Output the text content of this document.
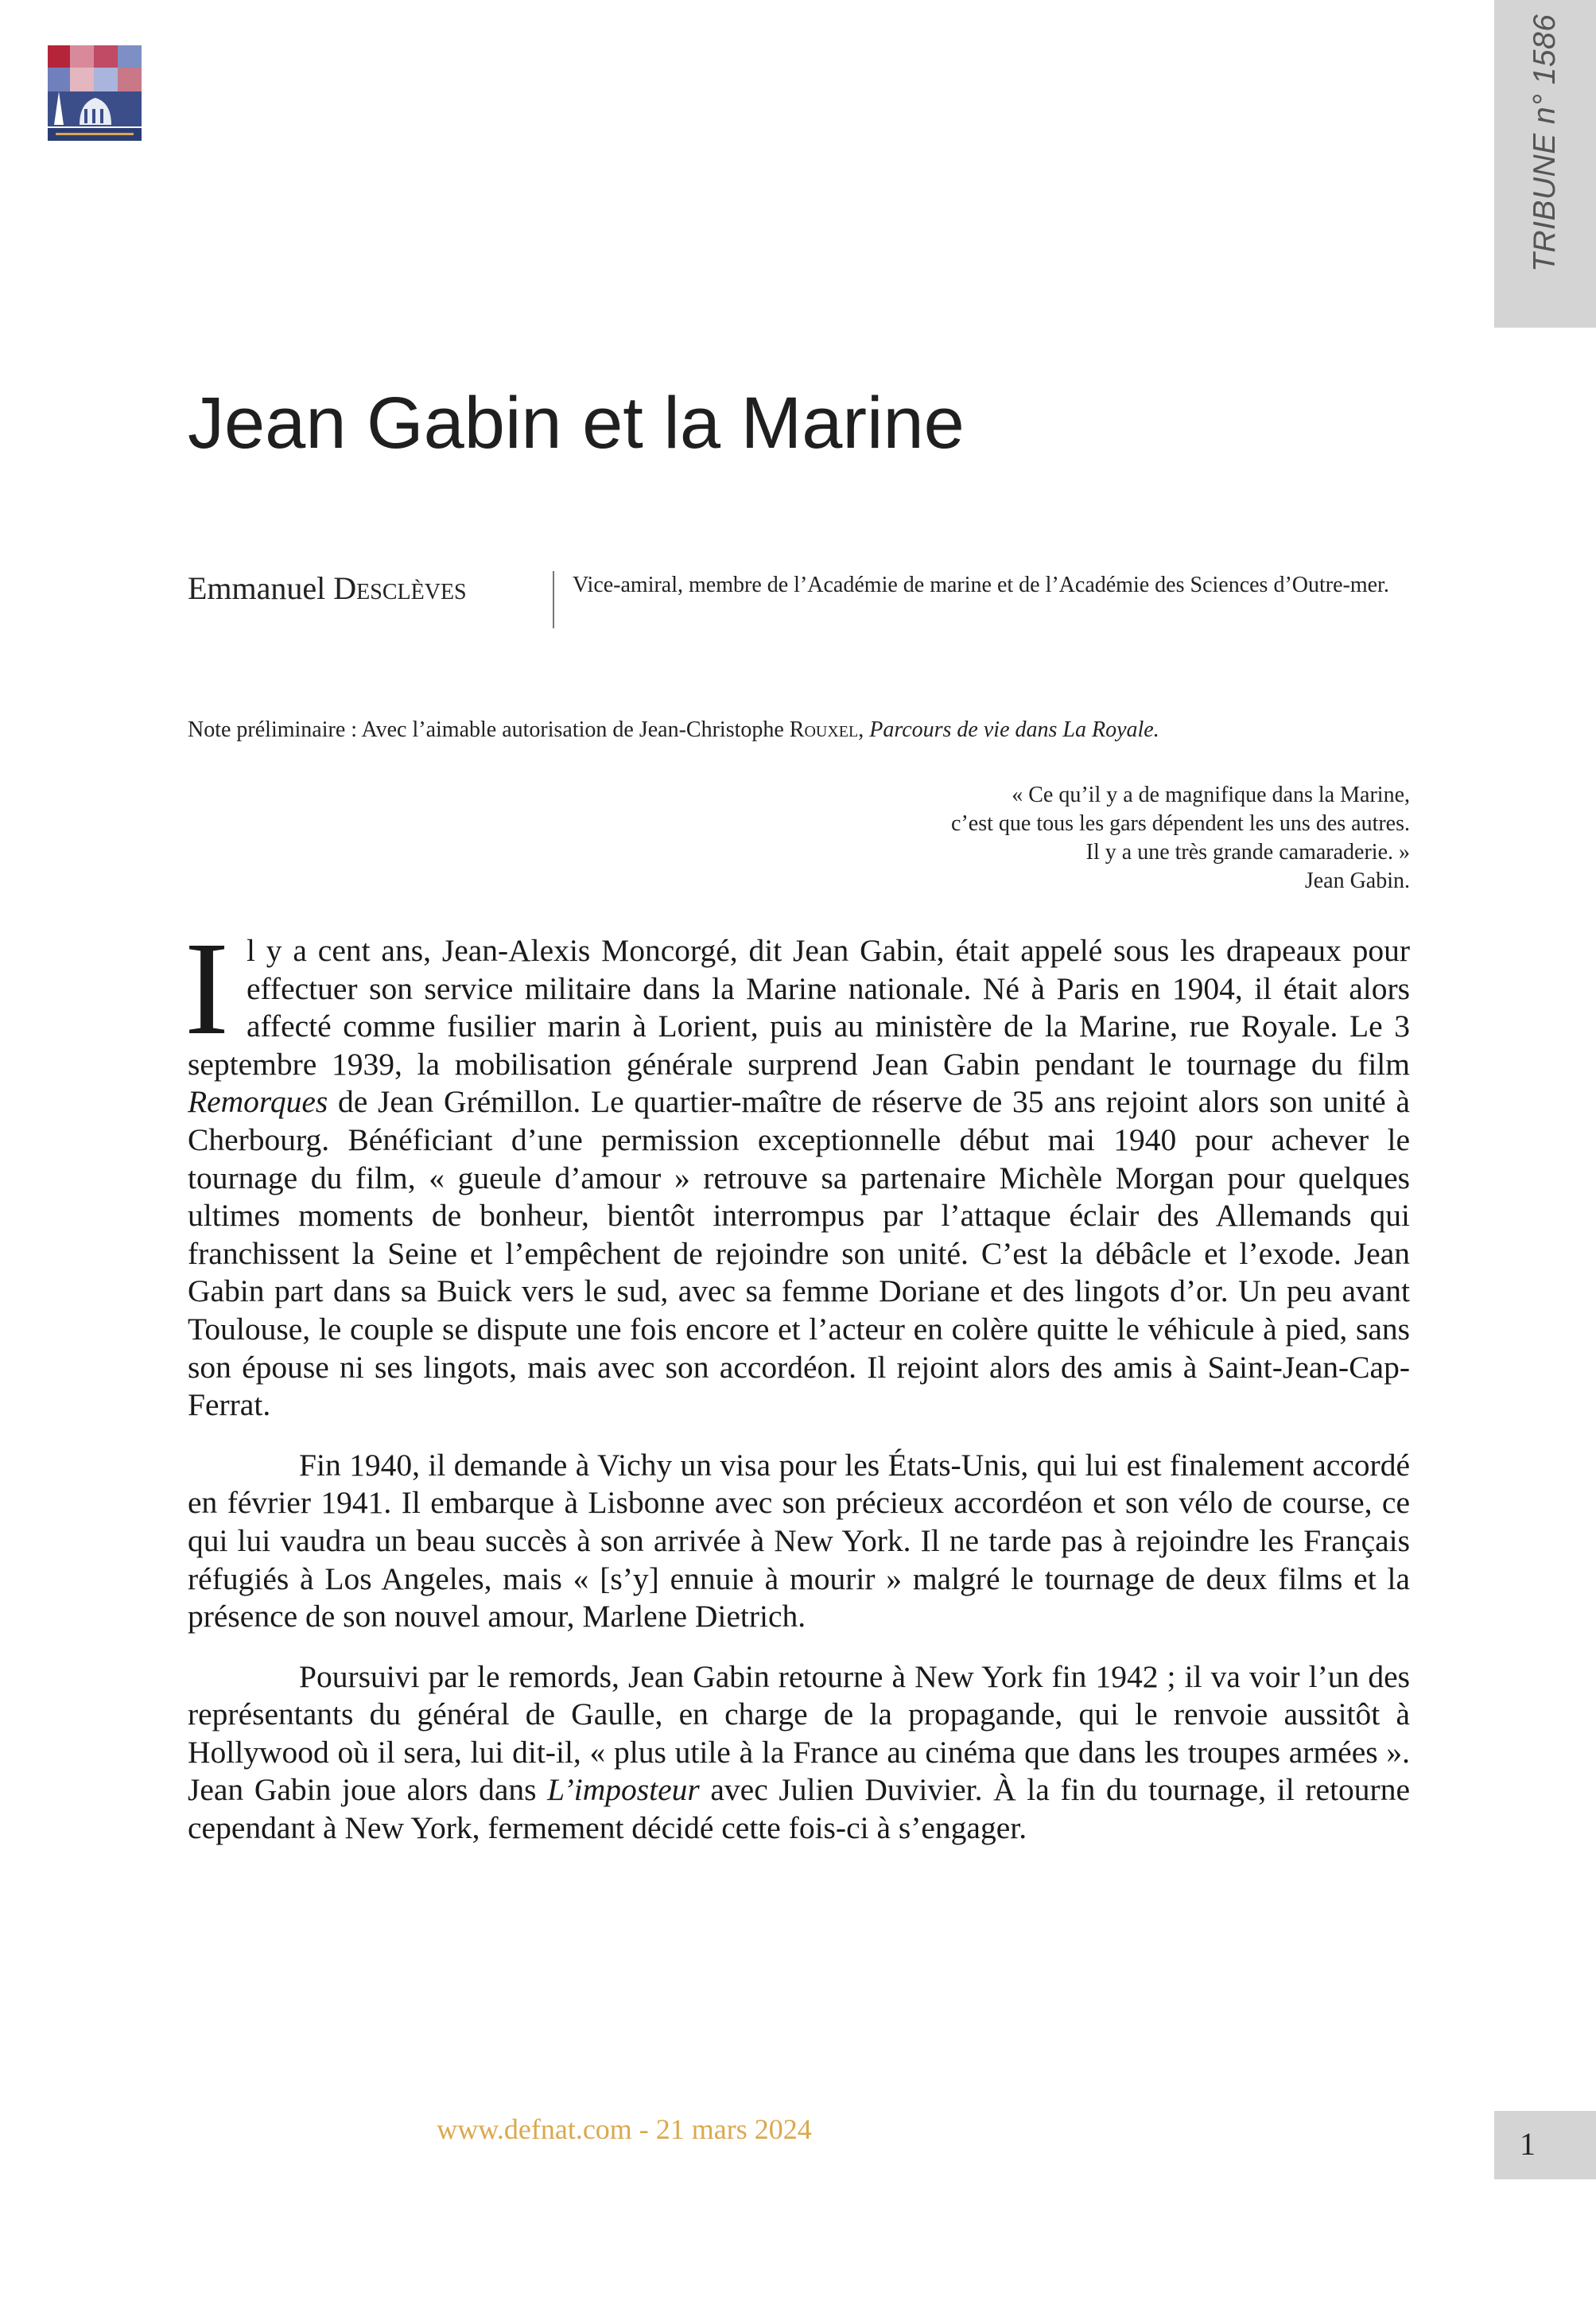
TRIBUNE n° 1586
Jean Gabin et la Marine
Emmanuel Desclèves	Vice-amiral, membre de l’Académie de marine et de l’Académie des Sciences d’Outre-mer.
Note préliminaire : Avec l’aimable autorisation de Jean-Christophe Rouxel, Parcours de vie dans La Royale.
« Ce qu’il y a de magnifique dans la Marine,
c’est que tous les gars dépendent les uns des autres.
Il y a une très grande camaraderie. »
Jean Gabin.

Il y a cent ans, Jean-Alexis Moncorgé, dit Jean Gabin, était appelé sous les drapeaux pour effectuer son service militaire dans la Marine nationale. Né à Paris en 1904, il était alors affecté comme fusilier marin à Lorient, puis au ministère de la Marine, rue Royale. Le 3 septembre 1939, la mobilisation générale surprend Jean Gabin pendant le tournage du film Remorques de Jean Grémillon. Le quartier-maître de réserve de 35 ans rejoint alors son unité à Cherbourg. Bénéficiant d’une permission exceptionnelle début mai 1940 pour achever le tournage du film, « gueule d’amour » retrouve sa partenaire Michèle Morgan pour quelques ultimes moments de bonheur, bientôt interrompus par l’attaque éclair des Allemands qui franchissent la Seine et l’empêchent de rejoindre son unité. C’est la débâcle et l’exode. Jean Gabin part dans sa Buick vers le sud, avec sa femme Doriane et des lingots d’or. Un peu avant Toulouse, le couple se dispute une fois encore et l’acteur en colère quitte le véhicule à pied, sans son épouse ni ses lingots, mais avec son accordéon. Il rejoint alors des amis à Saint-Jean-Cap-Ferrat.

Fin 1940, il demande à Vichy un visa pour les États-Unis, qui lui est finalement accordé en février 1941. Il embarque à Lisbonne avec son précieux accordéon et son vélo de course, ce qui lui vaudra un beau succès à son arrivée à New York. Il ne tarde pas à rejoindre les Français réfugiés à Los Angeles, mais « [s’y] ennuie à mourir » malgré le tournage de deux films et la présence de son nouvel amour, Marlene Dietrich.

Poursuivi par le remords, Jean Gabin retourne à New York fin 1942 ; il va voir l’un des représentants du général de Gaulle, en charge de la propagande, qui le renvoie aussitôt à Hollywood où il sera, lui dit-il, « plus utile à la France au cinéma que dans les troupes armées ». Jean Gabin joue alors dans L’imposteur avec Julien Duvivier. À la fin du tournage, il retourne cependant à New York, fermement décidé cette fois-ci à s’engager.

www.defnat.com - 21 mars 2024	1
